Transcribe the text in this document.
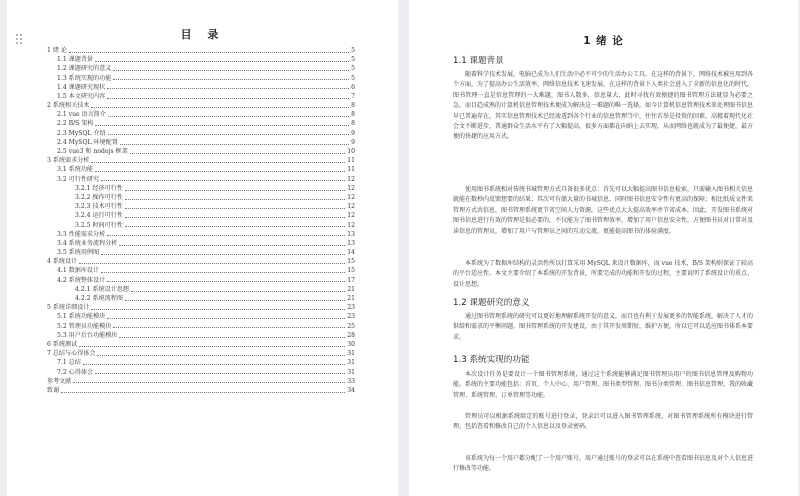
目 录
1 绪 论	5
1.1 课题背景	5
1.2 课题研究的意义	5
1.3 系统实现的功能	5
1.4 课题研究现状	6
1.5 本文研究内容	7
2 系统相关技术	8
2.1 vue 语言简介	8
2.2 B/S 架构	8
2.3 MySQL 介绍	9
2.4 MySQL 环境配置	9
2.5 vue3 和 nodejs 框架	10
3 系统需求分析	11
3.1 系统功能	11
3.2 可行性研究	12
3.2.1 经济可行性	12
3.2.2 操作可行性	12
3.2.3 技术可行性	12
3.2.4 运行可行性	12
3.2.5 时间可行性	12
3.3 性能需求分析	13
3.4 系统业务流程分析	13
3.5 系统用例图	14
4 系统设计	15
4.1 数据库设计	15
4.2 系统整体设计	17
4.2.1 系统设计思想	21
4.2.2 系统流程图	21
5 系统详细设计	23
5.1 系统功能模块	23
5.2 管理员功能模块	25
5.3 用户后台功能模块	28
6 系统测试	30
7 总结与心得体会	31
7.1 总结	31
7.2 心得体会	31
参考文献	33
致谢	34
1 绪 论
1.1 课题背景
随着科学技术发展，电脑已成为人们生活中必不可少的生活办公工具，在这样的背景下，网络技术被应用到各个方面，为了提高办公生活效率，网络信息技术飞速发展，在这样的背景下人类社会进入了全新的信息化的时代。图书管理一直是信息管理的一大难题，图书人数多，信息量大，此时寻找有效便捷的图书管理方法就显为必要之急。而目趋成熟的计算机信息管理技术便成为解决这一难题的唯一选择，如今计算机信息管理技术来处理图书信息早已普遍存在，其实信息管理技术已经渗透到各个行业的信息管理当中，往往若举是投资的因素，高精着现代化社会文不断进步，普通群众生活水平有了大幅提高，很多方面都在向纳上去实现，从而网络也就成为了最便捷，最方便的快捷的应用方式。
使用图书系统相对传统书城管理方式具备很多优点：首先可以大幅提高图书信息检索，只需输入图书相关信息就能在数秒内反馈想要的结果；其次可有储大量的书城信息，同时图书信息安全性有更高的保障；相比纸质文件来管理方式共信息，图书管理系统更节省空间人力资源，这些优点大大提高效率并节省成本，因此，开发图书系统对图书信息进行有效的管理是很必要的，不仅能为了图书管理效率，增加了用户信息安全性，方便图书员对日常对及读信息的管理员，增加了用户与管理员之间的互动交流，更能提高图书的体验满度。
本系统为了数据库结构的灵活性所以打算采用 MySQL 来设计数据库，而 vue 技术，B/S 架构则保证了较高的平台适应性。本文主要介绍了本系统的开发背景，所要完成的功能和开发的过程，主要说明了系统设计的重点、设计思想。
1.2 课题研究的意义
通过图书管理系统的研究可以更好地理解系统开发的意义，而且也有利于发展更多的智能系统，解决了人才的供给和需求的平衡问题，图书管理系统的开发建设，由于其开发周期短，维护方便，所以它可以适应图书体系本要求。
1.3 系统实现的功能
本次设计任务是要设计一个图书管理系统，通过这个系统能够满足图书管理员用户的图书信息管理及购物功能。系统的主要功能包括：首页、个人中心、用户管理、图书类型管理、图书分类管理、图书信息管理、我的收藏管理、系统管理、订单管理等功能。
管理员可以根据系统给定的账号进行登录，登录后可以进入图书管理系统，对图书管理系统所有模块进行管理。包括查看和修改自己的个人信息以及登录密码。
该系统为每一个用户都分配了一个用户账号，用户通过账号的登录可以在系统中查看图书信息及对个人信息进行修改等功能。
